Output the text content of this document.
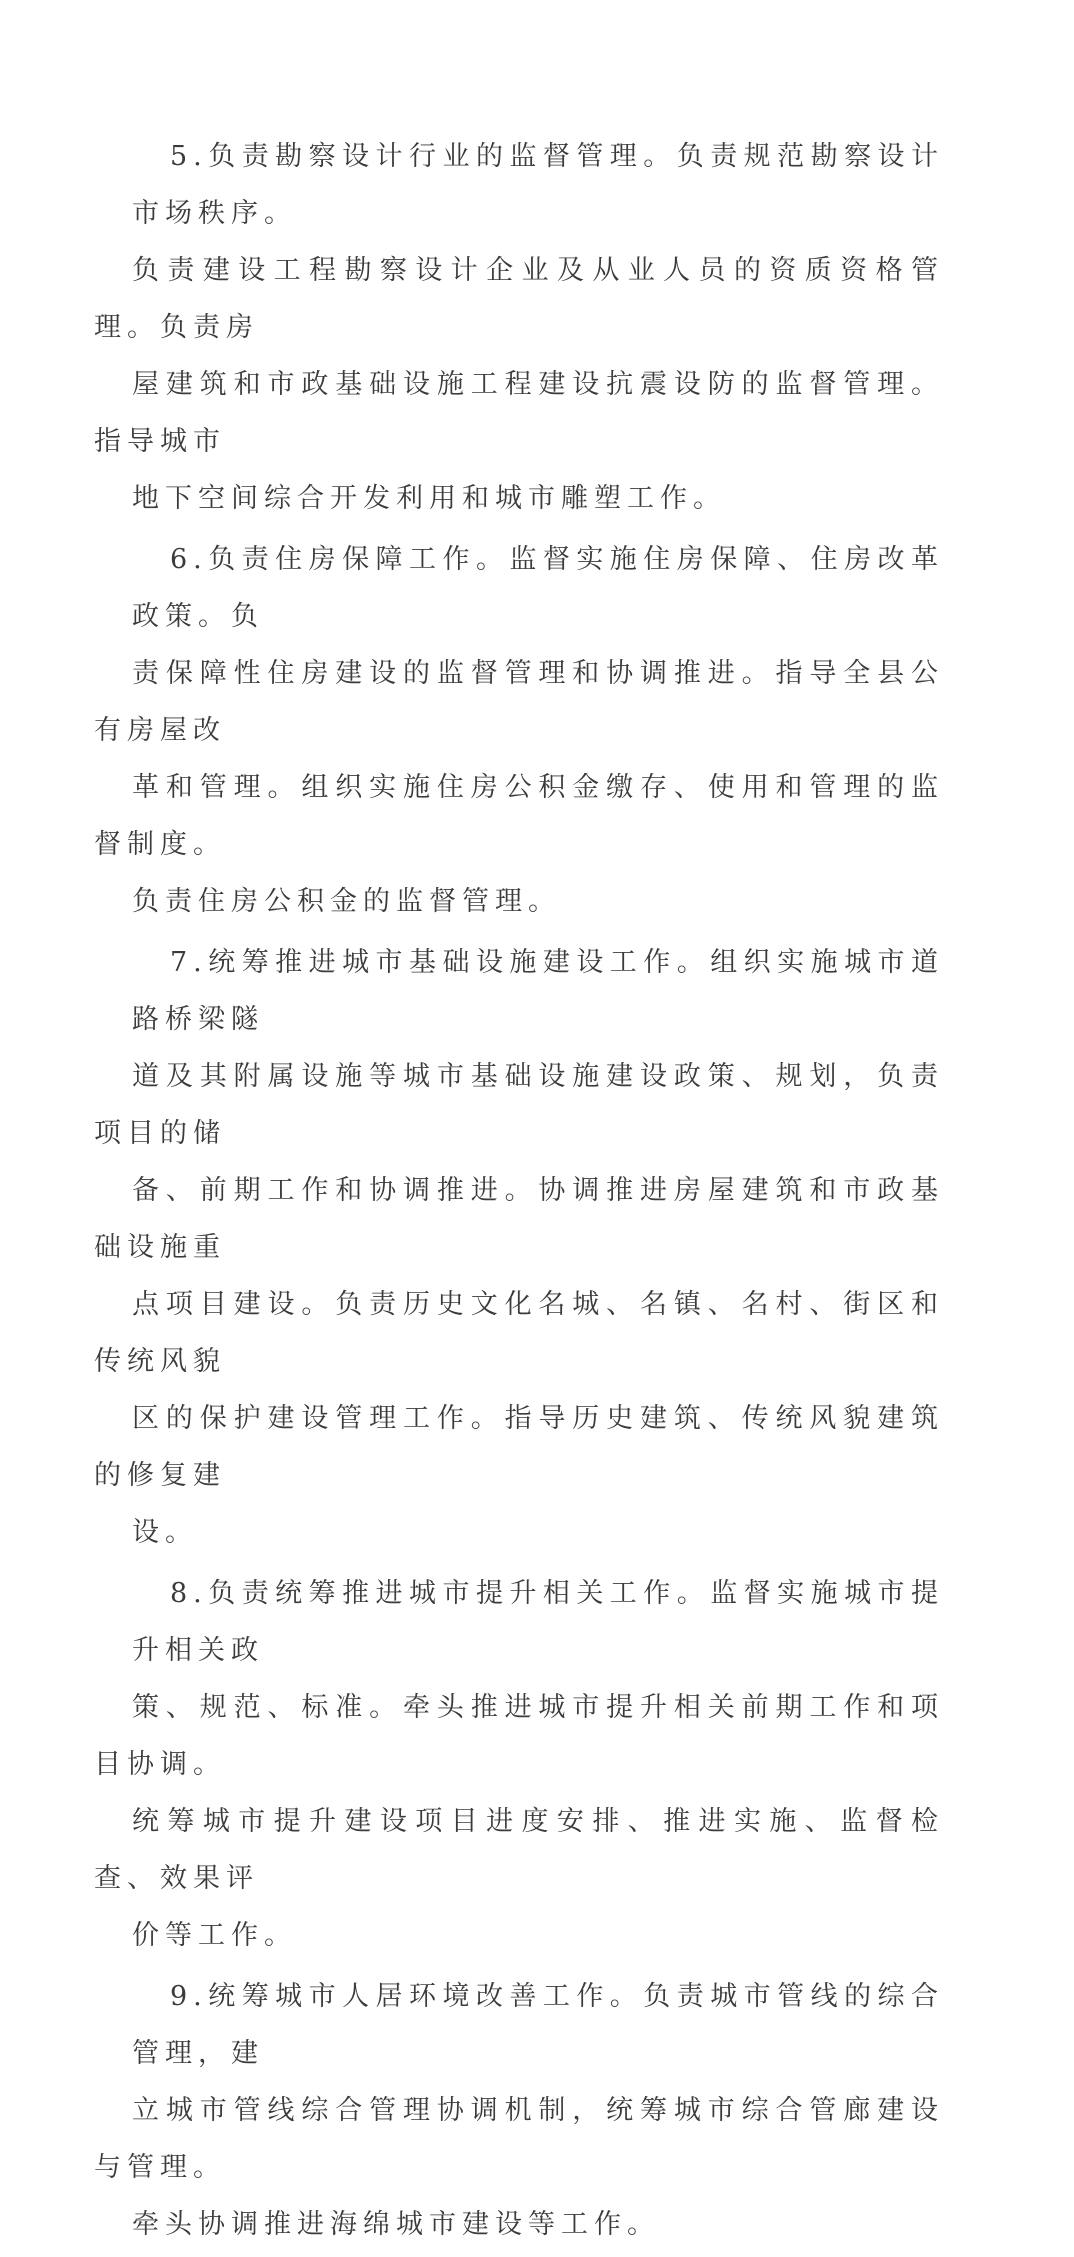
5.负责勘察设计行业的监督管理。负责规范勘察设计市场秩序。
负责建设工程勘察设计企业及从业人员的资质资格管理。负责房
屋建筑和市政基础设施工程建设抗震设防的监督管理。指导城市
地下空间综合开发利用和城市雕塑工作。

6.负责住房保障工作。监督实施住房保障、住房改革政策。负
责保障性住房建设的监督管理和协调推进。指导全县公有房屋改
革和管理。组织实施住房公积金缴存、使用和管理的监督制度。
负责住房公积金的监督管理。

7.统筹推进城市基础设施建设工作。组织实施城市道路桥梁隧
道及其附属设施等城市基础设施建设政策、规划，负责项目的储
备、前期工作和协调推进。协调推进房屋建筑和市政基础设施重
点项目建设。负责历史文化名城、名镇、名村、街区和传统风貌
区的保护建设管理工作。指导历史建筑、传统风貌建筑的修复建
设。

8.负责统筹推进城市提升相关工作。监督实施城市提升相关政
策、规范、标准。牵头推进城市提升相关前期工作和项目协调。
统筹城市提升建设项目进度安排、推进实施、监督检查、效果评
价等工作。

9.统筹城市人居环境改善工作。负责城市管线的综合管理，建
立城市管线综合管理协调机制，统筹城市综合管廊建设与管理。
牵头协调推进海绵城市建设等工作。
